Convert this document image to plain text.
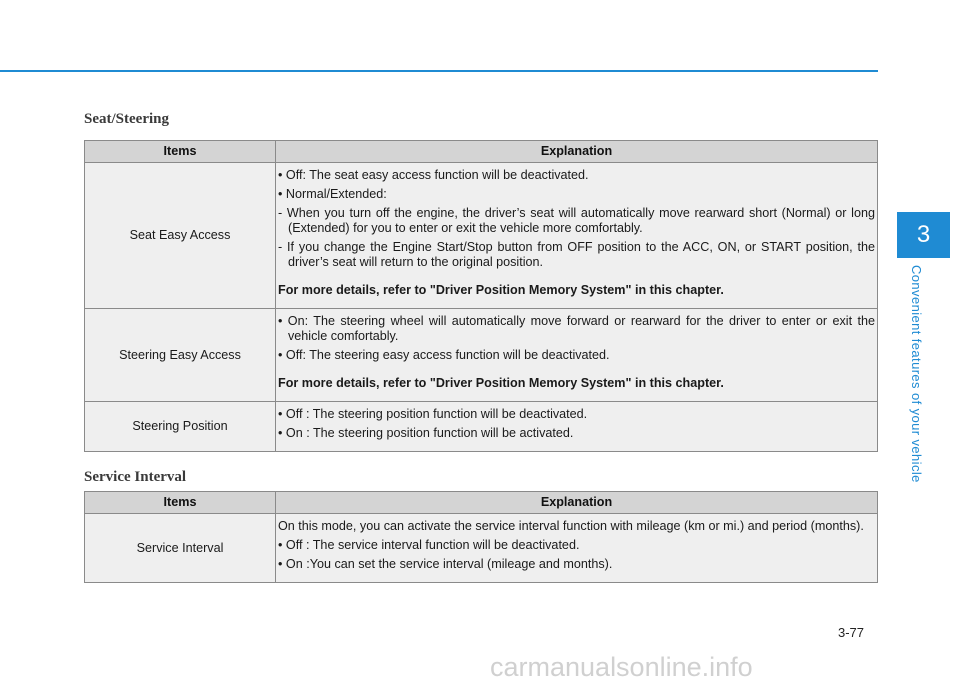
Seat/Steering
Items	Explanation
Seat Easy Access	• Off: The seat easy access function will be deactivated.

• Normal/Extended:

- When you turn off the engine, the driver’s seat will automatically move rearward short (Normal) or long (Extended) for you to enter or exit the vehicle more comfortably.

- If you change the Engine Start/Stop button from OFF position to the ACC, ON, or START position, the driver’s seat will return to the original position.

For more details, refer to "Driver Position Memory System" in this chapter.

Steering Easy Access	• On: The steering wheel will automatically move forward or rearward for the driver to enter or exit the vehicle comfortably.

• Off: The steering easy access function will be deactivated.

For more details, refer to "Driver Position Memory System" in this chapter.

Steering Position	• Off : The steering position function will be deactivated.

• On : The steering position function will be activated.

Service Interval
Items	Explanation
Service Interval	On this mode, you can activate the service interval function with mileage (km or mi.) and period (months).

• Off : The service interval function will be deactivated.

• On :You can set the service interval (mileage and months).

3
Convenient features of your vehicle
3-77
carmanualsonline.info
